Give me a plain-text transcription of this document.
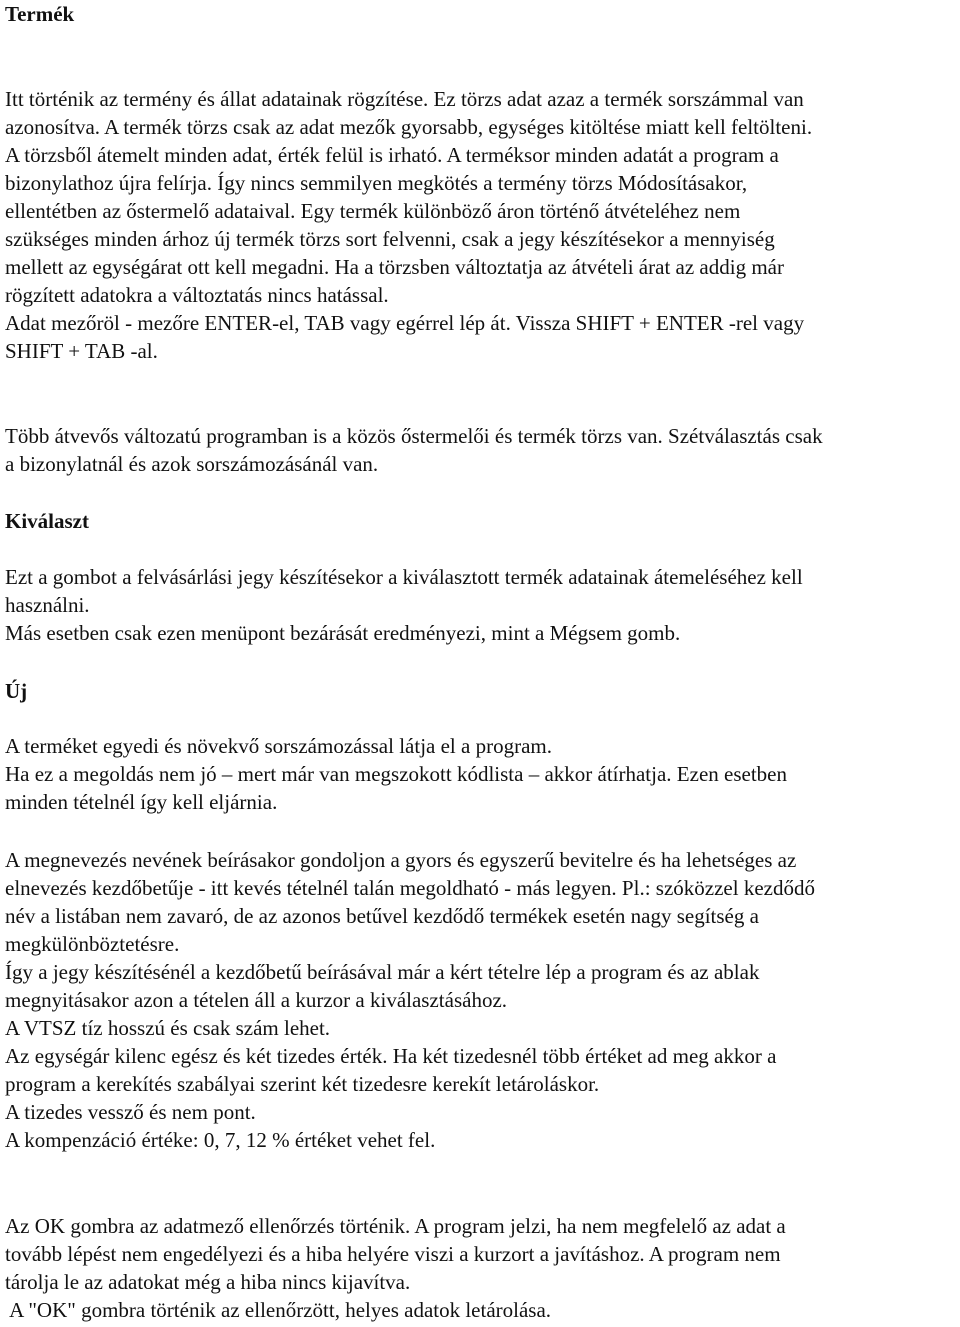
Termék
Itt történik az termény és állat adatainak rögzítése. Ez törzs adat azaz a termék sorszámmal van
azonosítva. A termék törzs csak az adat mezők gyorsabb, egységes kitöltése miatt kell feltölteni.
A törzsből átemelt minden adat, érték felül is irható. A terméksor minden adatát a program a
bizonylathoz újra felírja. Így nincs semmilyen megkötés a termény törzs Módosításakor,
ellentétben az őstermelő adataival. Egy termék különböző áron történő átvételéhez nem
szükséges minden árhoz új termék törzs sort felvenni, csak a jegy készítésekor a mennyiség
mellett az egységárat ott kell megadni. Ha a törzsben változtatja az átvételi árat az addig már
rögzített adatokra a változtatás nincs hatással.
Adat mezőröl - mezőre ENTER-el, TAB vagy egérrel lép át. Vissza SHIFT + ENTER -rel vagy
SHIFT + TAB -al.
Több átvevős változatú programban is a közös őstermelői és termék törzs van. Szétválasztás csak
a bizonylatnál és azok sorszámozásánál van.
Kiválaszt
Ezt a gombot a felvásárlási jegy készítésekor a kiválasztott termék adatainak átemeléséhez kell
használni.
Más esetben csak ezen menüpont bezárását eredményezi, mint a Mégsem gomb.
Új
A terméket egyedi és növekvő sorszámozással látja el a program.
Ha ez a megoldás nem jó – mert már van megszokott kódlista – akkor átírhatja. Ezen esetben
minden tételnél így kell eljárnia.
A megnevezés nevének beírásakor gondoljon a gyors és egyszerű bevitelre és ha lehetséges az
elnevezés kezdőbetűje - itt kevés tételnél talán megoldható - más legyen. Pl.: szóközzel kezdődő
név a listában nem zavaró, de az azonos betűvel kezdődő termékek esetén nagy segítség a
megkülönböztetésre.
Így a jegy készítésénél a kezdőbetű beírásával már a kért tételre lép a program és az ablak
megnyitásakor azon a tételen áll a kurzor a kiválasztásához.
A VTSZ tíz hosszú és csak szám lehet.
Az egységár kilenc egész és két tizedes érték. Ha két tizedesnél több értéket ad meg akkor a
program a kerekítés szabályai szerint két tizedesre kerekít letároláskor.
A tizedes vessző és nem pont.
A kompenzáció értéke: 0, 7, 12 % értéket vehet fel.
Az OK gombra az adatmező ellenőrzés történik. A program jelzi, ha nem megfelelő az adat a
tovább lépést nem engedélyezi és a hiba helyére viszi a kurzort a javításhoz. A program nem
tárolja le az adatokat még a hiba nincs kijavítva.
A "OK" gombra történik az ellenőrzött, helyes adatok letárolása.
